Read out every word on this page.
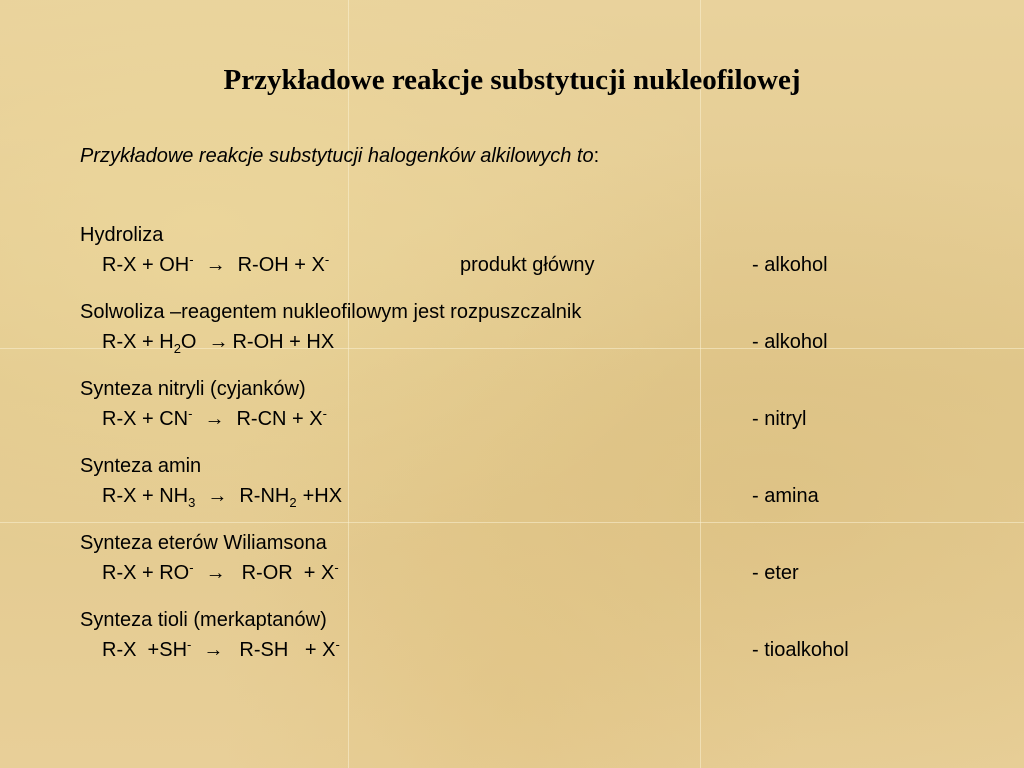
Przykładowe reakcje substytucji nukleofilowej
Przykładowe reakcje substytucji halogenków alkilowych to:
Hydroliza
R-X + OH- → R-OH + X-	produkt główny	- alkohol
Solwoliza –reagentem nukleofilowym jest rozpuszczalnik
$R-X + H_2O \to R-OH$ + HX	- alkohol
Synteza nitryli (cyjanków)
R-X + CN- → R-CN + X-	- nitryl
Synteza amin
$R-X + NH_3 \to R-NH_2 +HX$	- amina
Synteza eterów Wiliamsona
R-X + RO- → R-OR  + X-	- eter
Synteza tioli (merkaptanów)
R-X  +SH- → R-SH   + X-	- tioalkohol
